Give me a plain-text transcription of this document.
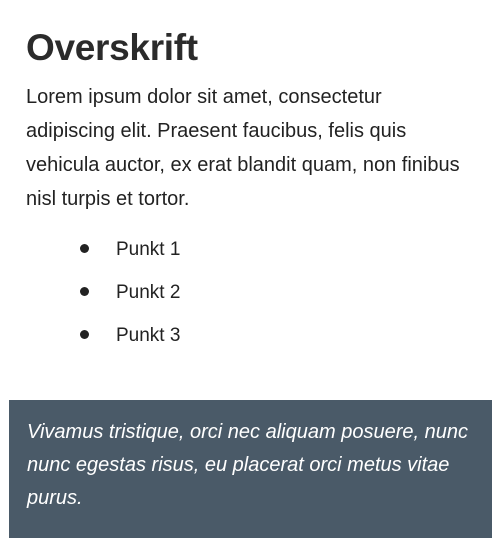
Overskrift

Lorem ipsum dolor sit amet, consectetur adipiscing elit. Praesent faucibus, felis quis vehicula auctor, ex erat blandit quam, non finibus nisl turpis et tortor.

Punkt 1
Punkt 2
Punkt 3

Vivamus tristique, orci nec aliquam posuere, nunc nunc egestas risus, eu placerat orci metus vitae purus.
